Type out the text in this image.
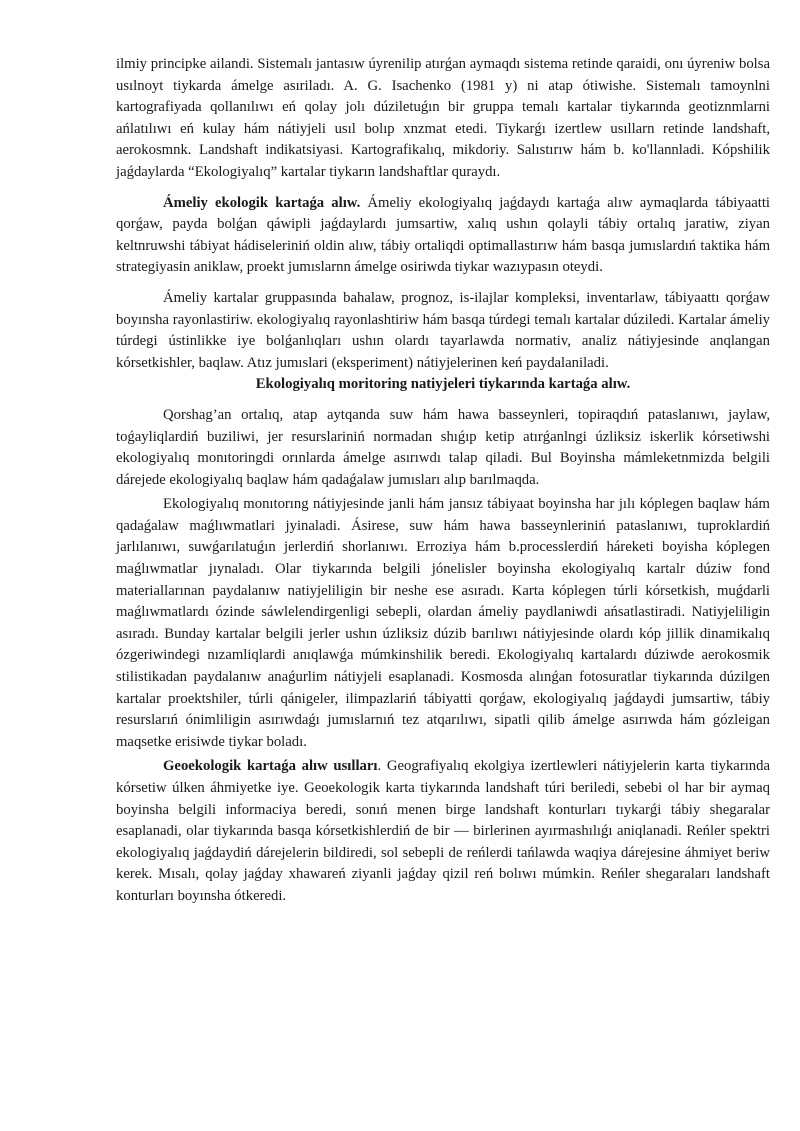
ilmiy principke ailandi. Sistemalı jantasıw úyrenilip atırǵan aymaqdı sistema retinde qaraidi, onı úyreniw bolsa usılnoyt tiykarda ámelge asıriladı. A. G. Isachenko (1981 y) ni atap ótiwishe. Sistemalı tamoynlni kartografiyada qollanılıwı eń qolay jolı dúziletuǵın bir gruppa temalı kartalar tiykarında geotiznmlarni ańlatılıwı eń kulay hám nátiyjeli usıl bolıp xnzmat etedi. Tiykarǵı izertlew usıllarn retinde landshaft, aerokosmnk. Landshaft indikatsiyasi. Kartografikalıq, mikdoriy. Salıstırıw hám b. ko'llannladi. Kópshilik jaǵdaylarda “Ekologiyalıq” kartalar tiykarın landshaftlar quraydı.

Ámeliy ekologik kartaǵa alıw. Ámeliy ekologiyalıq jaǵdaydı kartaǵa alıw aymaqlarda tábiyaatti qorǵaw, payda bolǵan qáwipli jaǵdaylardı jumsartiw, xalıq ushın qolayli tábiy ortalıq jaratiw, ziyan keltnruwshi tábiyat hádiseleriniń oldin alıw, tábiy ortaliqdi optimallastırıw hám basqa jumıslardıń taktika hám strategiyasin aniklaw, proekt jumıslarnn ámelge osiriwda tiykar wazıypasın oteydi.

Ámeliy kartalar gruppasında bahalaw, prognoz, is-ilajlar kompleksi, inventarlaw, tábiyaattı qorǵaw boyınsha rayonlastiriw. ekologiyalıq rayonlashtiriw hám basqa túrdegi temalı kartalar dúziledi. Kartalar ámeliy túrdegi ústinlikke iye bolǵanlıqları ushın olardı tayarlawda normativ, analiz nátiyjesinde anqlangan kórsetkishler, baqlaw. Atız jumıslari (eksperiment) nátiyjelerinen keń paydalaniladi.

Ekologiyalıq moritoring natiyjeleri tiykarında kartaǵa alıw.

Qorshag’an ortalıq, atap aytqanda suw hám hawa basseynleri, topiraqdıń pataslanıwı, jaylaw, toǵayliqlardiń buziliwi, jer resurslariniń normadan shıǵıp ketip atırǵanlngi úzliksiz iskerlik kórsetiwshi ekologiyalıq monıtoringdi orınlarda ámelge asırıwdı talap qiladi. Bul Boyinsha mámleketnmizda belgili dárejede ekologiyalıq baqlaw hám qadaǵalaw jumısları alıp barılmaqda.

Ekologiyalıq monıtorıng nátiyjesinde janli hám jansız tábiyaat boyinsha har jılı kóplegen baqlaw hám qadaǵalaw maǵlıwmatlari jyinaladi. Ásirese, suw hám hawa basseynleriniń pataslanıwı, tuproklardiń jarlılanıwı, suwǵarılatuǵın jerlerdiń shorlanıwı. Erroziya hám b.processlerdiń háreketi boyisha kóplegen maǵlıwmatlar jıynaladı. Olar tiykarında belgili jónelisler boyinsha ekologiyalıq kartalr dúziw fond materiallarınan paydalanıw natiyjeliligin bir neshe ese asıradı. Karta kóplegen túrli kórsetkish, muǵdarli maǵlıwmatlardı ózinde sáwlelendirgenligi sebepli, olardan ámeliy paydlaniwdi ańsatlastiradi. Natiyjeliligin asıradı. Bunday kartalar belgili jerler ushın úzliksiz dúzib barılıwı nátiyjesinde olardı kóp jillik dinamikalıq ózgeriwindegi nızamliqlardi anıqlawǵa múmkinshilik beredi. Ekologiyalıq kartalardı dúziwde aerokosmik stilistikadan paydalanıw anaǵurlim nátiyjeli esaplanadi. Kosmosda alınǵan fotosuratlar tiykarında dúzilgen kartalar proektshiler, túrli qánigeler, ilimpazlariń tábiyatti qorǵaw, ekologiyalıq jaǵdaydi jumsartiw, tábiy resurslarıń ónimliligin asırıwdaǵı jumıslarnıń tez atqarılıwı, sipatli qilib ámelge asırıwda hám gózleigan maqsetke erisiwde tiykar boladı.

Geoekologik kartaǵa alıw usılları. Geografiyalıq ekolgiya izertlewleri nátiyjelerin karta tiykarında kórsetiw úlken áhmiyetke iye. Geoekologik karta tiykarında landshaft túri beriledi, sebebi ol har bir aymaq boyinsha belgili informaciya beredi, sonıń menen birge landshaft konturları tıykarǵi tábiy shegaralar esaplanadi, olar tiykarında basqa kórsetkishlerdiń de bir — birlerinen ayırmashılıǵı aniqlanadi. Reńler spektri ekologiyalıq jaǵdaydiń dárejelerin bildiredi, sol sebepli de reńlerdi tańlawda waqiya dárejesine áhmiyet beriw kerek. Mısalı, qolay jaǵday xhawareń ziyanli jaǵday qizil reń bolıwı múmkin. Reńler shegaraları landshaft konturları boyınsha ótkeredi.
